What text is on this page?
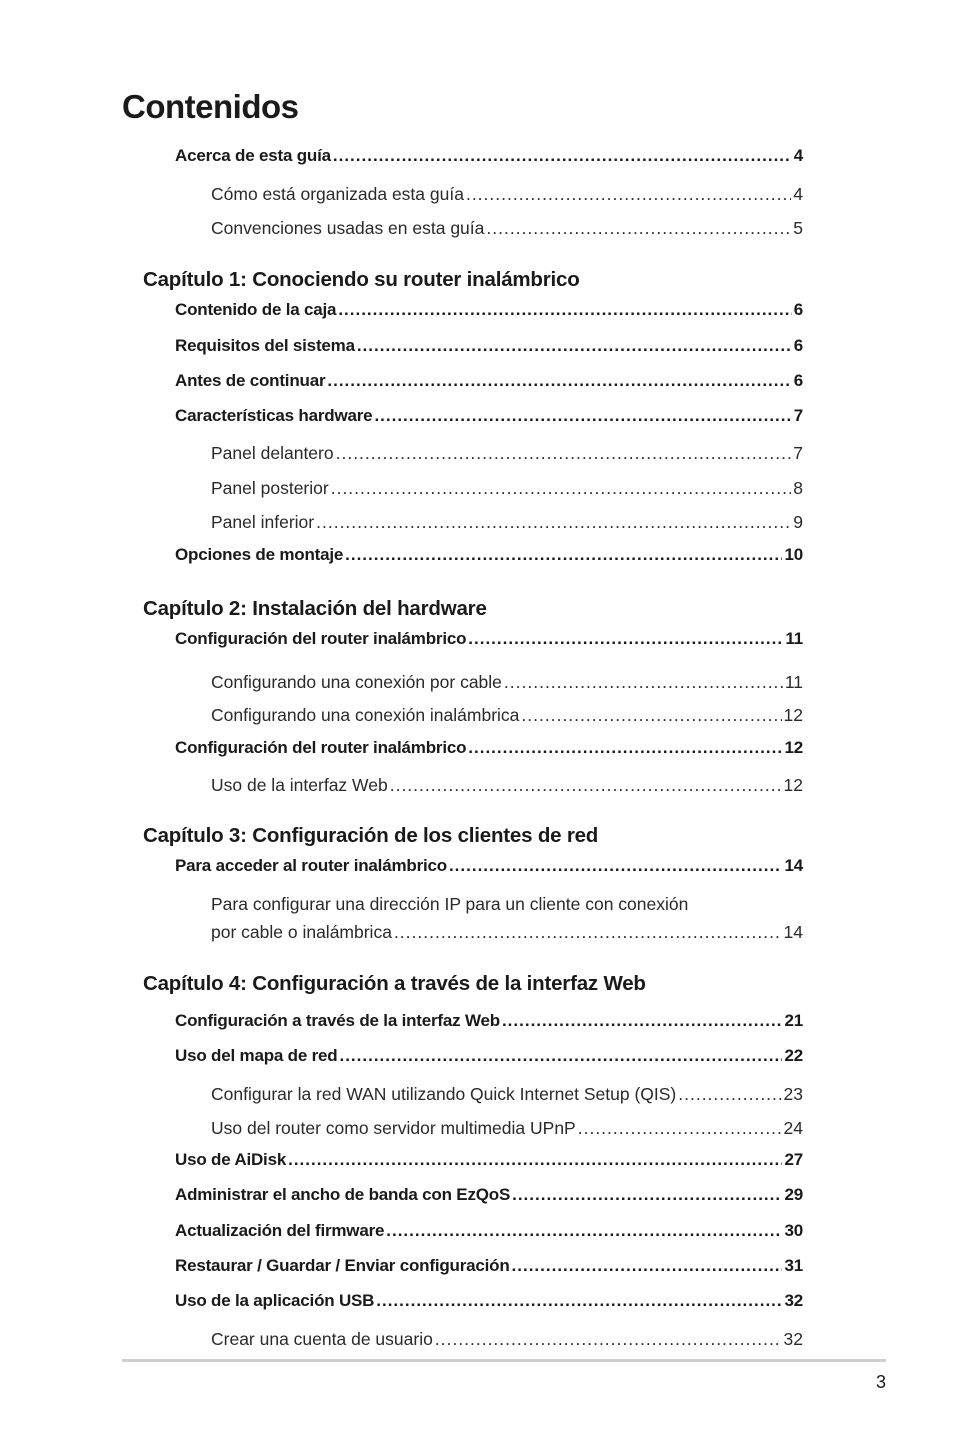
Contenidos
Acerca de esta guía .....	4
Cómo está organizada esta guía .....	4
Convenciones usadas en esta guía .....	5
Capítulo 1: Conociendo su router inalámbrico
Contenido de la caja .....	6
Requisitos del sistema .....	6
Antes de continuar .....	6
Características hardware .....	7
Panel delantero .....	7
Panel posterior .....	8
Panel inferior .....	9
Opciones de montaje .....	10
Capítulo 2: Instalación del hardware
Configuración del router inalámbrico .....	11
Configurando una conexión por cable .....	11
Configurando una conexión inalámbrica .....	12
Configuración del router inalámbrico .....	12
Uso de la interfaz Web .....	12
Capítulo 3: Configuración de los clientes de red
Para acceder al router inalámbrico .....	14
Para configurar una dirección IP para un cliente con conexión
por cable o inalámbrica .....	14
Capítulo 4: Configuración a través de la interfaz Web
Configuración a través de la interfaz Web .....	21
Uso del mapa de red .....	22
Configurar la red WAN utilizando Quick Internet Setup (QIS) .....	23
Uso del router como servidor multimedia UPnP .....	24
Uso de AiDisk .....	27
Administrar el ancho de banda con EzQoS .....	29
Actualización del firmware .....	30
Restaurar / Guardar / Enviar configuración .....	31
Uso de la aplicación USB .....	32
Crear una cuenta de usuario .....	32
3
